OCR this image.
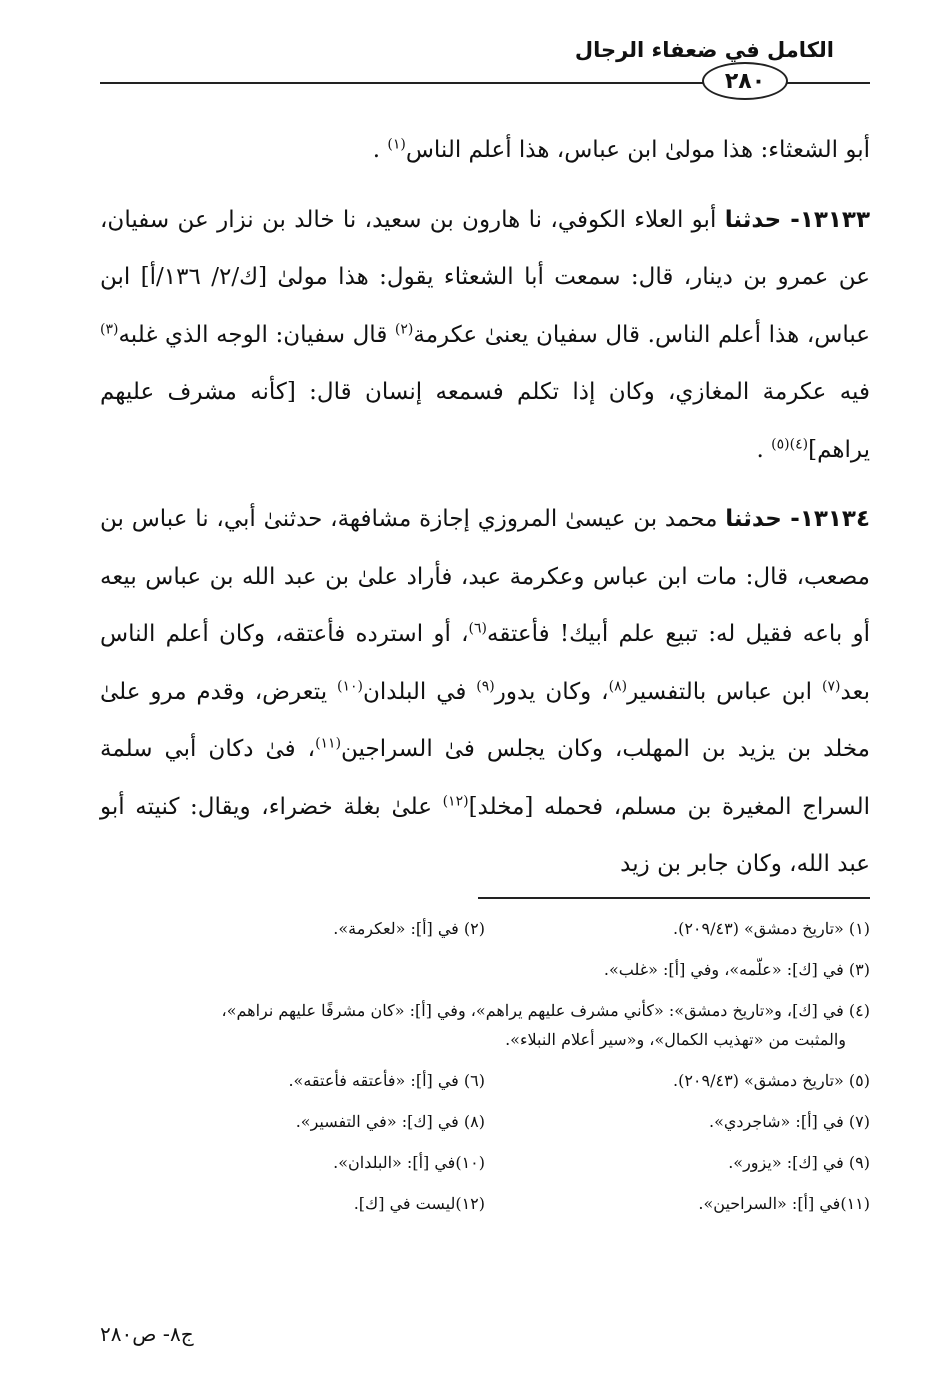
الكامل في ضعفاء الرجال
٢٨٠

أبو الشعثاء: هذا مولىٰ ابن عباس، هذا أعلم الناس$^{(١)}$ .

١٣١٣٣- حدثنا أبو العلاء الكوفي، نا هارون بن سعيد، نا خالد بن نزار عن سفيان، عن عمرو بن دينار، قال: سمعت أبا الشعثاء يقول: هذا مولىٰ [ك/٢/ ١٣٦/أ] ابن عباس، هذا أعلم الناس. قال سفيان يعنىٰ عكرمة$^{(٢)}$ قال سفيان: الوجه الذي غلبه$^{(٣)}$ فيه عكرمة المغازي، وكان إذا تكلم فسمعه إنسان قال: [كأنه مشرف عليهم يراهم]$^{(٤)(٥)}$ .

١٣١٣٤- حدثنا محمد بن عيسىٰ المروزي إجازة مشافهة، حدثنىٰ أبي، نا عباس بن مصعب، قال: مات ابن عباس وعكرمة عبد، فأراد علىٰ بن عبد الله بن عباس بيعه أو باعه فقيل له: تبيع علم أبيك! فأعتقه$^{(٦)}$، أو استرده فأعتقه، وكان أعلم الناس بعد$^{(٧)}$ ابن عباس بالتفسير$^{(٨)}$، وكان يدور$^{(٩)}$ في البلدان$^{(١٠)}$ يتعرض، وقدم مرو علىٰ مخلد بن يزيد بن المهلب، وكان يجلس فىٰ السراجين$^{(١١)}$، فىٰ دكان أبي سلمة السراج المغيرة بن مسلم، فحمله [مخلد]$^{(١٢)}$ علىٰ بغلة خضراء، ويقال: كنيته أبو عبد الله، وكان جابر بن زيد

(١) «تاريخ دمشق» (٢٠٩/٤٣).
(٢) في [أ]: «لعكرمة».
(٣) في [ك]: «علّمه»، وفي [أ]: «غلب».
(٤) في [ك]، و«تاريخ دمشق»: «كأني مشرف عليهم يراهم»، وفي [أ]: «كان مشرفًا عليهم نراهم»،
والمثبت من «تهذيب الكمال»، و«سير أعلام النبلاء».
(٥) «تاريخ دمشق» (٢٠٩/٤٣).
(٦) في [أ]: «فأعتقه فأعتقه».
(٧) في [أ]: «شاجردي».
(٨) في [ك]: «في التفسير».
(٩) في [ك]: «يزور».
(١٠)في [أ]: «البلدان».
(١١)في [أ]: «السراحين».
(١٢)ليست في [ك].
ج٨- ص٢٨٠
